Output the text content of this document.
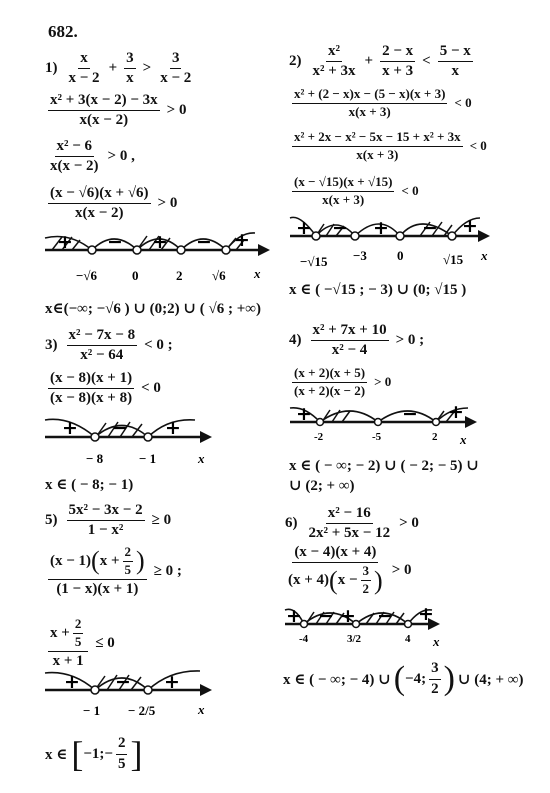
682.
$1) \frac{x}{x - 2} + \frac{3}{x} > \frac{3}{x - 2}$
$\frac{\text{x² + 3(x − 2) − 3x}}{x(x - 2)} > 0$
$\frac{\text{x² − 6}}{x(x - 2)} > 0$ ,
$\frac{(x - √6)(x + √6)}{x(x - 2)} > 0$
+ − + − +
−√6	0	2 √6 x
x∈(−∞; −√6 ) ∪ (0;2) ∪ ( √6 ; +∞)
$2) \frac{\text{x²}}{\text{x² + 3x}} + \frac{2 - x}{x + 3} < \frac{5 - x}{x}$
$\frac{\text{x² + (2 − x)x − (5 − x)(x + 3)}}{x(x + 3)} < 0$
$\frac{\text{x² + 2x − x² − 5x − 15 + x² + 3x}}{x(x + 3)} < 0$
$\frac{(x - √15)(x + √15)}{x(x + 3)} < 0$
+ − + − +
−√15 −3 0	√15 x
x ∈ ( −√15 ; − 3) ∪ (0; √15 )
$3) \frac{\text{x² − 7x − 8}}{\text{x² − 64}} < 0$ ;
$\frac{(x - 8)(x + 1)}{(x - 8)(x + 8)} < 0$
+ − +
− 8	− 1	x
x ∈ ( − 8; − 1)
$4) \frac{\text{x² + 7x + 10}}{\text{x² − 4}} > 0$ ;
$\frac{(x + 2)(x + 5)}{(x + 2)(x - 2)} > 0$
+	− +
-2	-5	2 x
x ∈ ( − ∞; − 2) ∪ ( − 2; − 5) ∪
∪ (2; + ∞)
$5) \frac{\text{5x² − 3x − 2}}{\text{1 − x²}} \ge 0$
$\frac{(x - 1) ( x + \frac{2}{5} )}{(1 - x)(x + 1)} \ge 0$ ;
$\frac{x + \frac{2}{5}}{x + 1} \le 0$
+ − +
− 1 − 2/5	x
x ∈ [ −1;− $\frac{2}{5}$ ]
$6) \frac{\text{x² − 16}}{\text{2x² + 5x − 12}} > 0$
$\frac{(x - 4)(x + 4)}{(x + 4) ( x - \frac{3}{2} )} > 0$
+ − + − +
-4	3/2	4 x
x ∈ ( − ∞; − 4) ∪ ( −4; $\frac{3}{2}$ ) ∪ (4; + ∞)
